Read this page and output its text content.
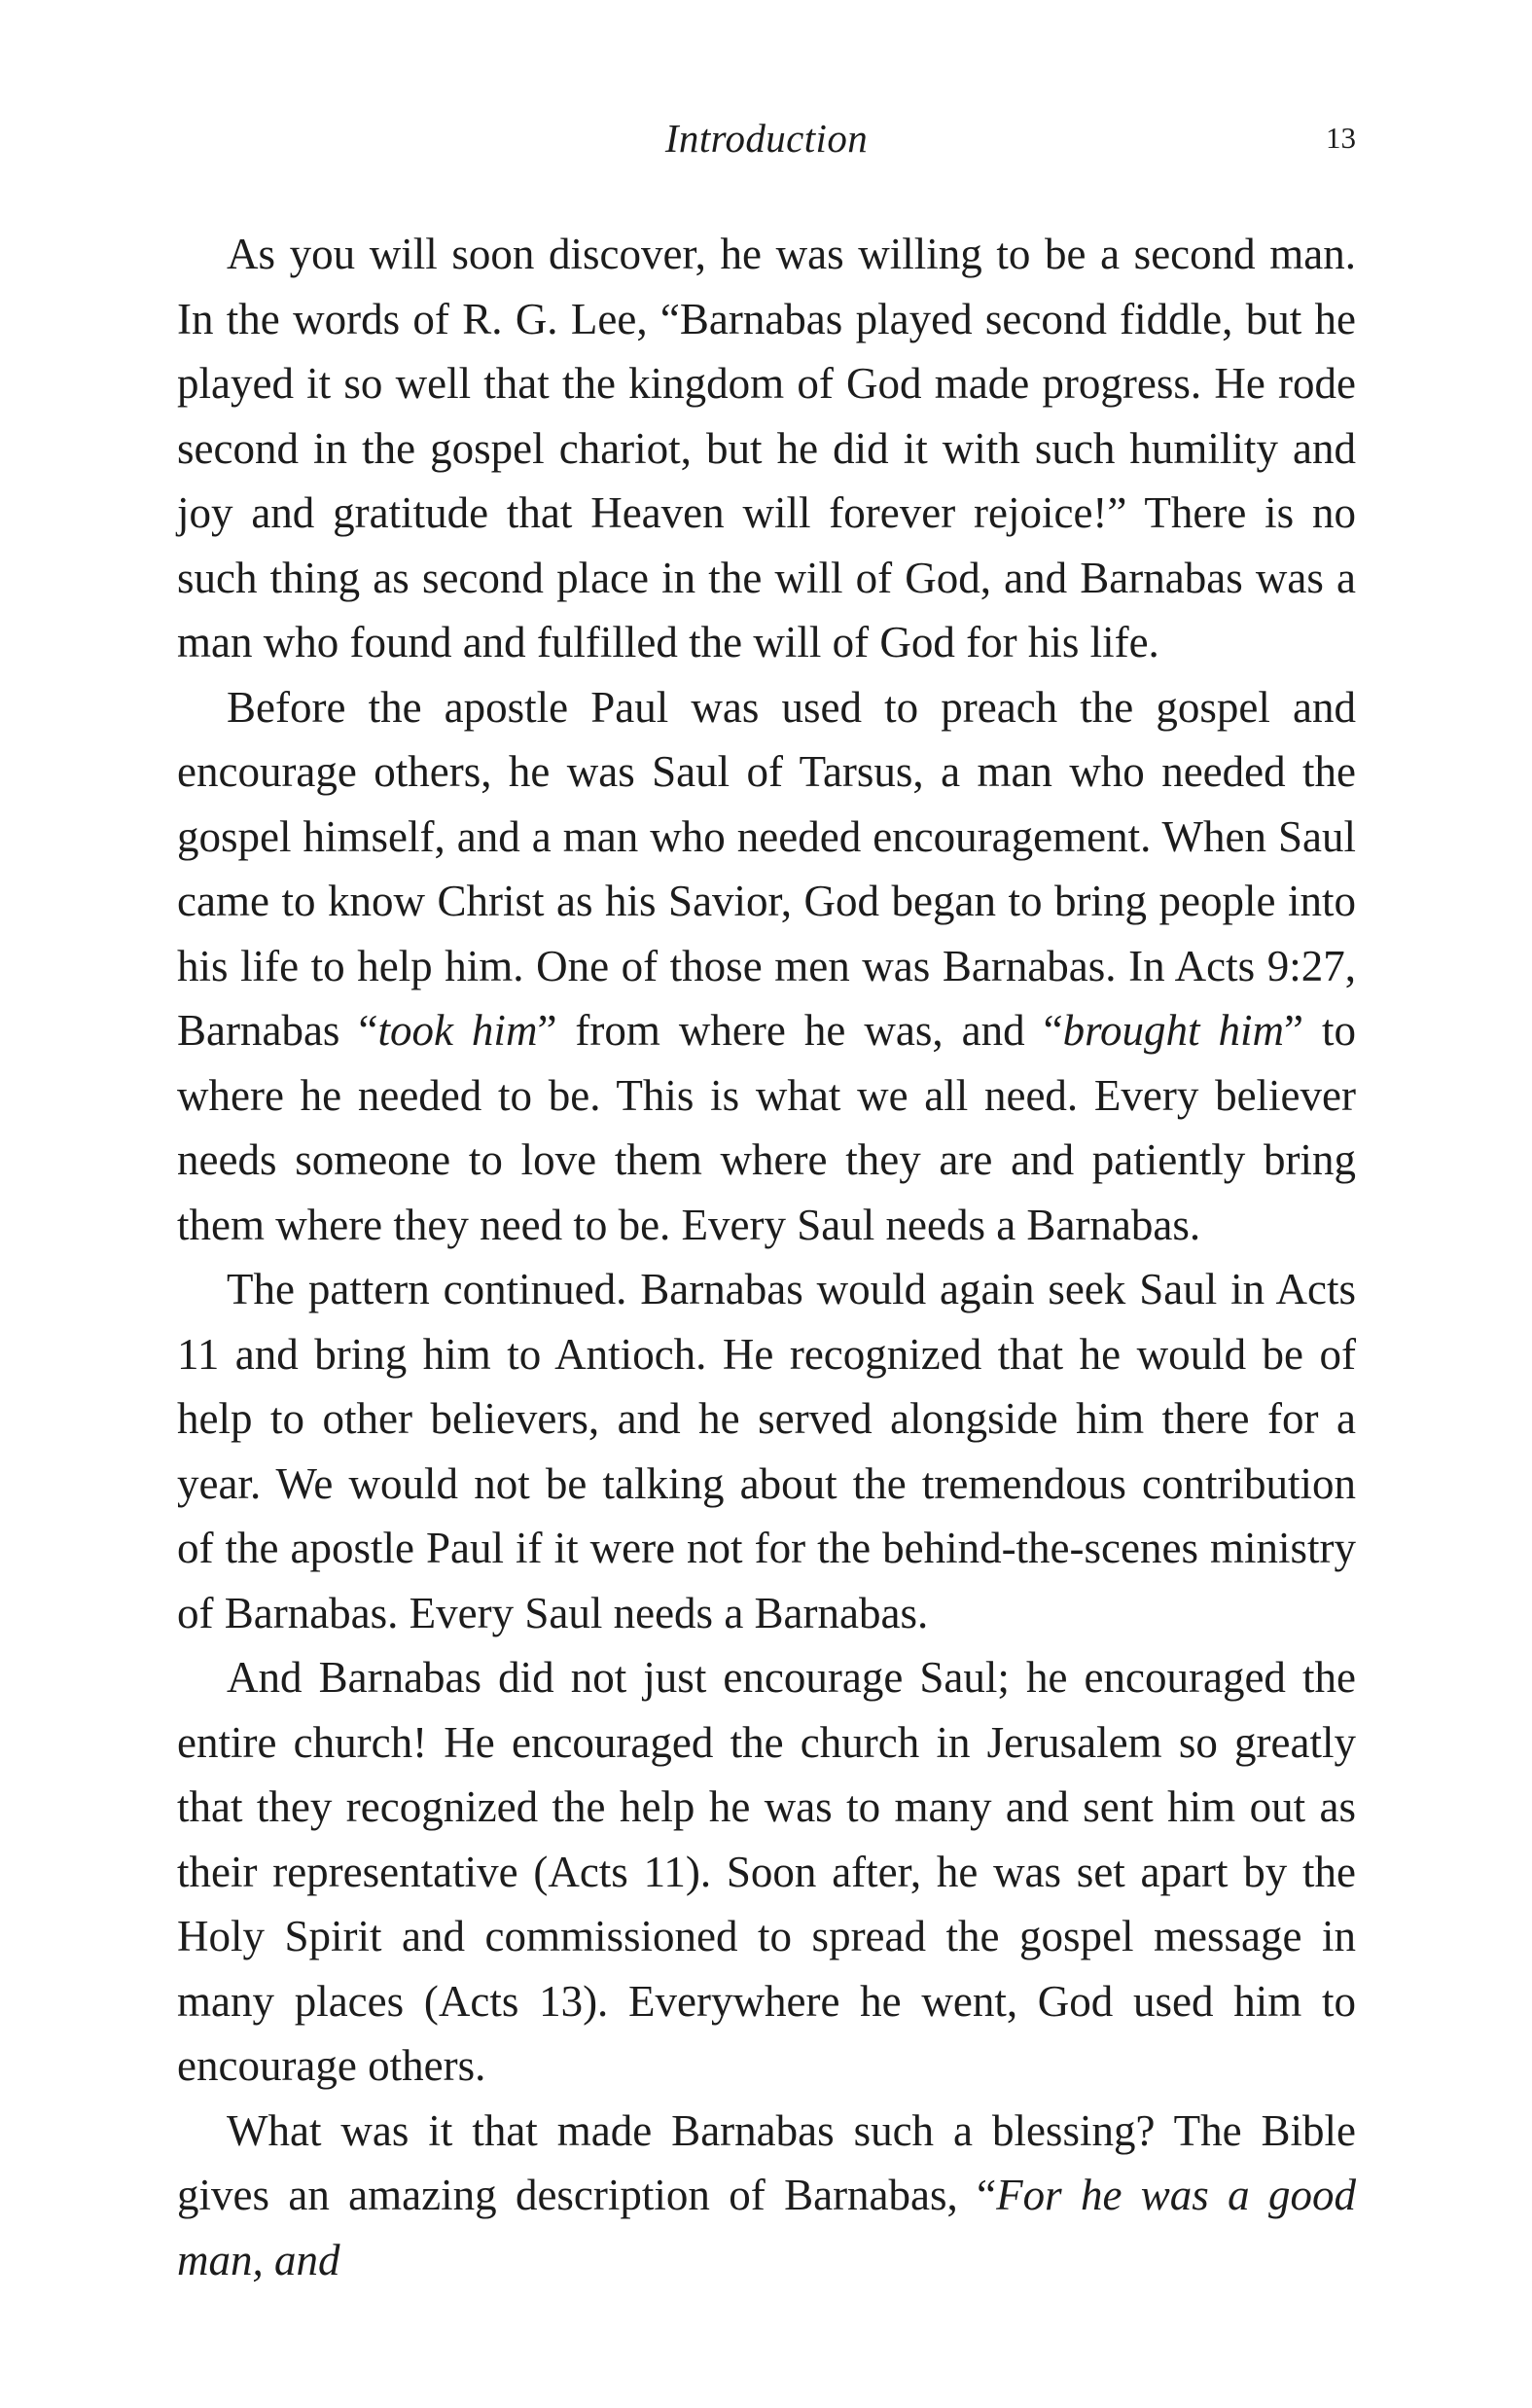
Introduction	13

As you will soon discover, he was willing to be a second man. In the words of R. G. Lee, “Barnabas played second fiddle, but he played it so well that the kingdom of God made progress. He rode second in the gospel chariot, but he did it with such humility and joy and gratitude that Heaven will forever rejoice!” There is no such thing as second place in the will of God, and Barnabas was a man who found and fulfilled the will of God for his life.

Before the apostle Paul was used to preach the gospel and encourage others, he was Saul of Tarsus, a man who needed the gospel himself, and a man who needed encouragement. When Saul came to know Christ as his Savior, God began to bring people into his life to help him. One of those men was Barnabas. In Acts 9:27, Barnabas “took him” from where he was, and “brought him” to where he needed to be. This is what we all need. Every believer needs someone to love them where they are and patiently bring them where they need to be. Every Saul needs a Barnabas.

The pattern continued. Barnabas would again seek Saul in Acts 11 and bring him to Antioch. He recognized that he would be of help to other believers, and he served alongside him there for a year. We would not be talking about the tremendous contribution of the apostle Paul if it were not for the behind-the-scenes ministry of Barnabas. Every Saul needs a Barnabas.

And Barnabas did not just encourage Saul; he encouraged the entire church! He encouraged the church in Jerusalem so greatly that they recognized the help he was to many and sent him out as their representative (Acts 11). Soon after, he was set apart by the Holy Spirit and commissioned to spread the gospel message in many places (Acts 13). Everywhere he went, God used him to encourage others.

What was it that made Barnabas such a blessing? The Bible gives an amazing description of Barnabas, “For he was a good man, and
